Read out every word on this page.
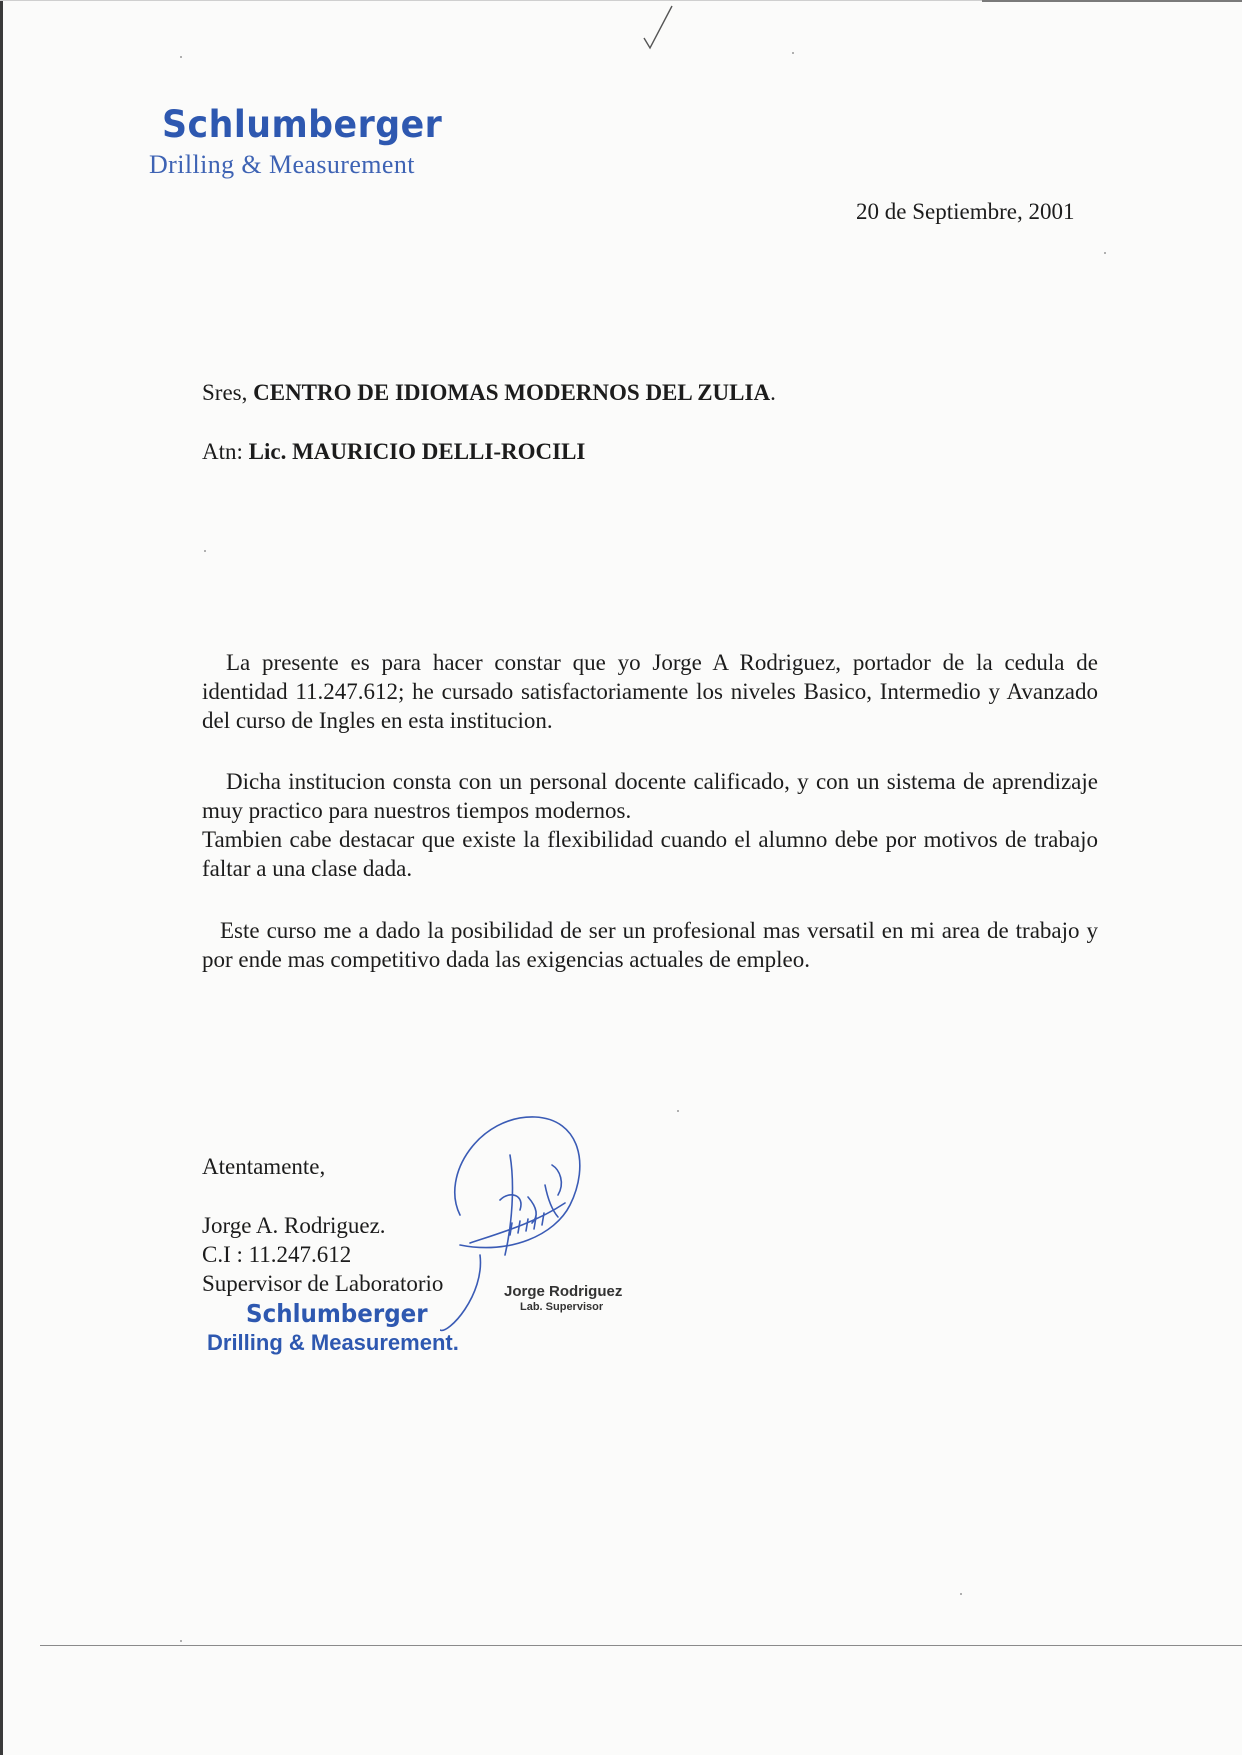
Schlumberger
Drilling & Measurement
20 de Septiembre, 2001
Sres, CENTRO DE IDIOMAS MODERNOS DEL ZULIA.
Atn: Lic. MAURICIO DELLI-ROCILI
La presente es para hacer constar que yo Jorge A Rodriguez, portador de la cedula de identidad 11.247.612; he cursado satisfactoriamente los niveles Basico, Intermedio y Avanzado del curso de Ingles en esta institucion.
Dicha institucion consta con un personal docente calificado, y con un sistema de aprendizaje muy practico para nuestros tiempos modernos.
Tambien cabe destacar que existe la flexibilidad cuando el alumno debe por motivos de trabajo faltar a una clase dada.
Este curso me a dado la posibilidad de ser un profesional mas versatil en mi area de trabajo y por ende mas competitivo dada las exigencias actuales de empleo.
Atentamente,
Jorge A. Rodriguez.
C.I : 11.247.612
Supervisor de Laboratorio
Schlumberger
Drilling & Measurement.
Jorge Rodriguez
Lab. Supervisor
